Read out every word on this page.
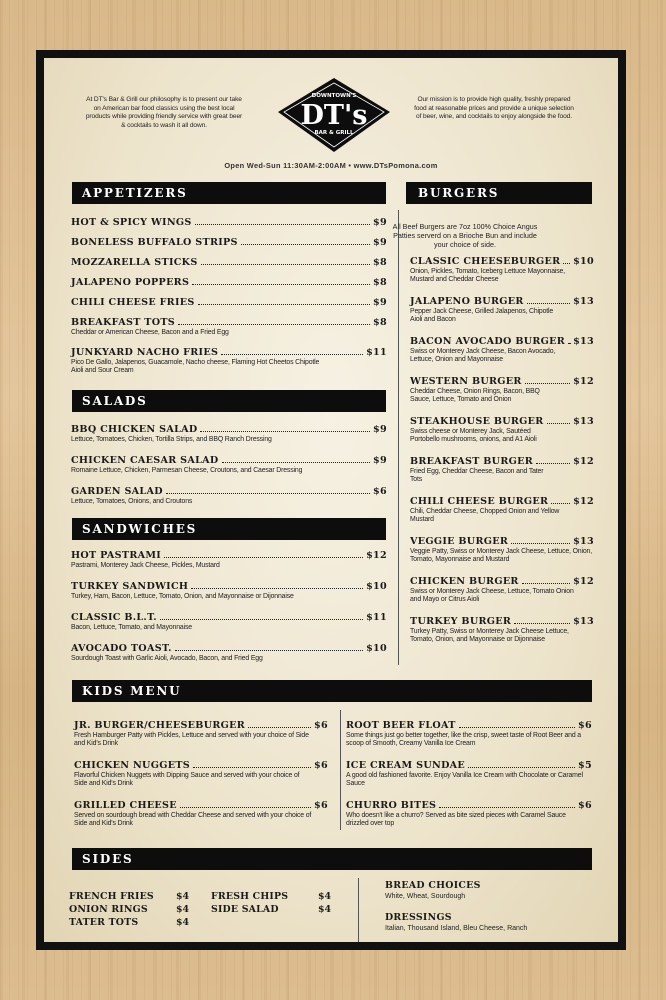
At DT's Bar & Grill our philosophy is to present our take on American bar food classics using the best local products while providing friendly service with great beer & cocktails to wash it all down.
Our mission is to provide high quality, freshly prepared food at reasonable prices and provide a unique selection of beer, wine, and cocktails to enjoy alongside the food.
DOWNTOWN'S
DT's
BAR & GRILL
Open Wed-Sun 11:30AM-2:00AM • www.DTsPomona.com
APPETIZERS	BURGERS
SALADS
SANDWICHES
KIDS MENU
SIDES
HOT & SPICY WINGS	$9
BONELESS BUFFALO STRIPS	$9
MOZZARELLA STICKS	$8
JALAPENO POPPERS	$8
CHILI CHEESE FRIES	$9
BREAKFAST TOTS	$8
Cheddar or American Cheese, Bacon and a Fried Egg
JUNKYARD NACHO FRIES	$11
Pico De Gallo, Jalapenos, Guacamole, Nacho cheese, Flaming Hot Cheetos Chipotle Aioli and Sour Cream
BBQ CHICKEN SALAD	$9
Lettuce, Tomatoes, Chicken, Tortilla Strips, and BBQ Ranch Dressing
CHICKEN CAESAR SALAD	$9
Romaine Lettuce, Chicken, Parmesan Cheese, Croutons, and Caesar Dressing
GARDEN SALAD	$6
Lettuce, Tomatoes, Onions, and Croutons
HOT PASTRAMI	$12
Pastrami, Monterey Jack Cheese, Pickles, Mustard
TURKEY SANDWICH	$10
Turkey, Ham, Bacon, Lettuce, Tomato, Onion, and Mayonnaise or Dijonnaise
CLASSIC B.L.T.	$11
Bacon, Lettuce, Tomato, and Mayonnaise
AVOCADO TOAST.	$10
Sourdough Toast with Garlic Aioli, Avocado, Bacon, and Fried Egg
All Beef Burgers are 7oz 100% Choice Angus Patties serverd on a Brioche Bun and include your choice of side.
CLASSIC CHEESEBURGER $10
Onion, Pickles, Tomato, Iceberg Lettuce Mayonnaise, Mustard and Cheddar Cheese
JALAPENO BURGER	$13
Pepper Jack Cheese, Grilled Jalapenos, Chipotle Aioli and Bacon
BACON AVOCADO BURGER $13
Swiss or Monterey Jack Cheese, Bacon Avocado, Lettuce, Onion and Mayonnaise
WESTERN BURGER	$12
Cheddar Cheese, Onion Rings, Bacon, BBQ Sauce, Lettuce, Tomato and Onion
STEAKHOUSE BURGER	$13
Swiss cheese or Monterey Jack, Sautéed Portobello mushrooms, onions, and A1 Aioli
BREAKFAST BURGER	$12
Fried Egg, Cheddar Cheese, Bacon and Tater Tots
CHILI CHEESE BURGER	$12
Chili, Cheddar Cheese, Chopped Onion and Yellow Mustard
VEGGIE BURGER	$13
Veggie Patty, Swiss or Monterey Jack Cheese, Lettuce, Onion, Tomato, Mayonnaise and Mustard
CHICKEN BURGER	$12
Swiss or Monterey Jack Cheese, Lettuce, Tomato Onion and Mayo or Citrus Aioli
TURKEY BURGER	$13
Turkey Patty, Swiss or Monterey Jack Cheese Lettuce, Tomato, Onion, and Mayonnaise or Dijonnaise
JR. BURGER/CHEESEBURGER	$6
Fresh Hamburger Patty with Pickles, Lettuce and served with your choice of Side and Kid's Drink
CHICKEN NUGGETS	$6
Flavorful Chicken Nuggets with Dipping Sauce and served with your choice of Side and Kid's Drink
GRILLED CHEESE	$6
Served on sourdough bread with Cheddar Cheese and served with your choice of Side and Kid's Drink
ROOT BEER FLOAT	$6
Some things just go better together, like the crisp, sweet taste of Root Beer and a scoop of Smooth, Creamy Vanilla Ice Cream
ICE CREAM SUNDAE	$5
A good old fashioned favorite. Enjoy Vanilla Ice Cream with Chocolate or Caramel Sauce
CHURRO BITES	$6
Who doesn't like a churro? Served as bite sized pieces with Caramel Sauce drizzled over top
FRENCH FRIES $4
ONION RINGS	$4
TATER TOTS	$4
FRESH CHIPS	$4
SIDE SALAD	$4
BREAD CHOICES
White, Wheat, Sourdough
DRESSINGS
Italian, Thousand Island, Bleu Cheese, Ranch
